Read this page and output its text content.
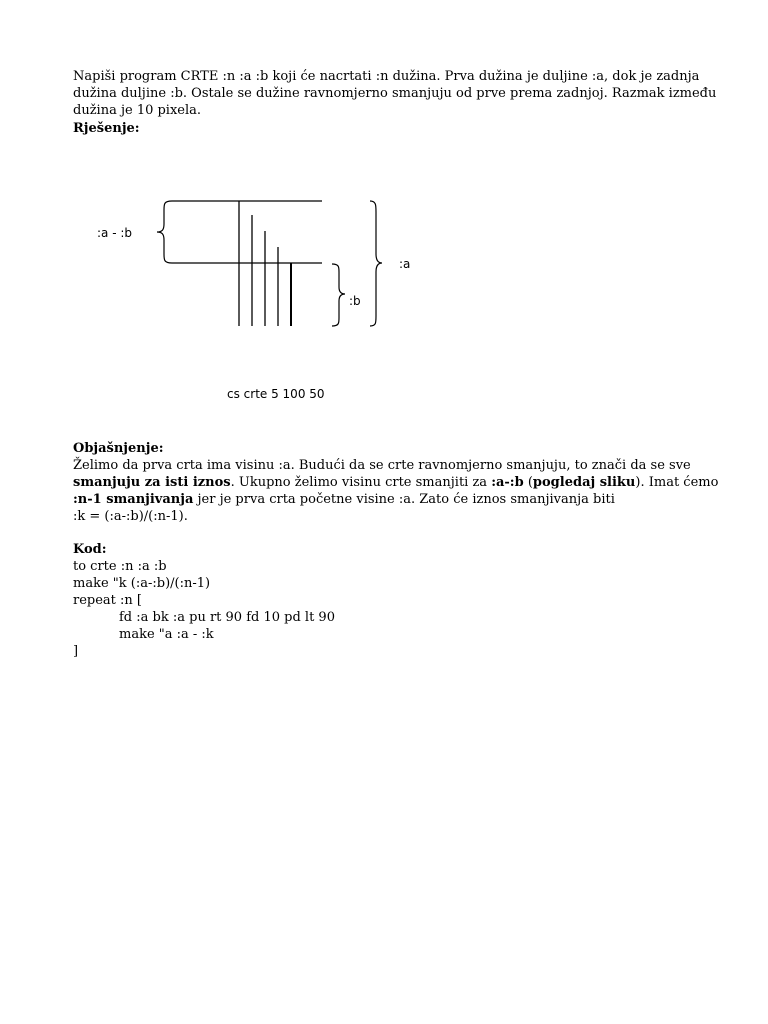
Napiši program CRTE :n :a :b koji će nacrtati :n dužina. Prva dužina je duljine :a, dok je zadnja
dužina duljine :b. Ostale se dužine ravnomjerno smanjuju od prve prema zadnjoj. Razmak između
dužina je 10 pixela.
Rješenje:
:a - :b
:b
:a
cs crte 5 100 50
Objašnjenje:
Želimo da prva crta ima visinu :a. Budući da se crte ravnomjerno smanjuju, to znači da se sve
smanjuju za isti iznos. Ukupno želimo visinu crte smanjiti za :a-:b (pogledaj sliku). Imat ćemo
:n-1 smanjivanja jer je prva crta početne visine :a. Zato će iznos smanjivanja biti
:k = (:a-:b)/(:n-1).
Kod:
to crte :n :a :b
make "k (:a-:b)/(:n-1)
repeat :n [
fd :a bk :a pu rt 90 fd 10 pd lt 90
make "a :a - :k
]
